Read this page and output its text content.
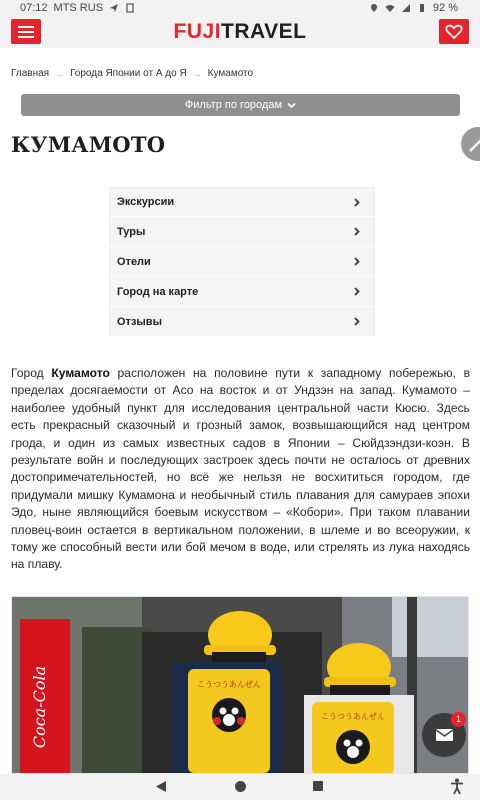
07:12 MTS RUS	92 %
FUJITRAVEL
Главная → Города Японии от А до Я → Кумамото
Фильтр по городам
КУМАМОТО
Экскурсии
Туры
Отели
Город на карте
Отзывы

Город Кумамото расположен на половине пути к западному побережью, в пределах досягаемости от Асо на восток и от Ундзэн на запад. Кумамото – наиболее удобный пункт для исследования центральной части Кюсю. Здесь есть прекрасный сказочный и грозный замок, возвышающийся над центром грода, и один из самых известных садов в Японии – Сюйдзэндзи-коэн. В результате войн и последующих застроек здесь почти не осталось от древних достопримечательностей, но всё же нельзя не восхититься городом, где придумали мишку Кумамона и необычный стиль плавания для самураев эпохи Эдо, ныне являющийся боевым искусством – «Кобори». При таком плавании пловец-воин остается в вертикальном положении, в шлеме и во всеоружии, к тому же способный вести или бой мечом в воде, или стрелять из лука находясь на плаву.

Coca-Cola	こうつうあんぜん
こうつうあんぜん	1
